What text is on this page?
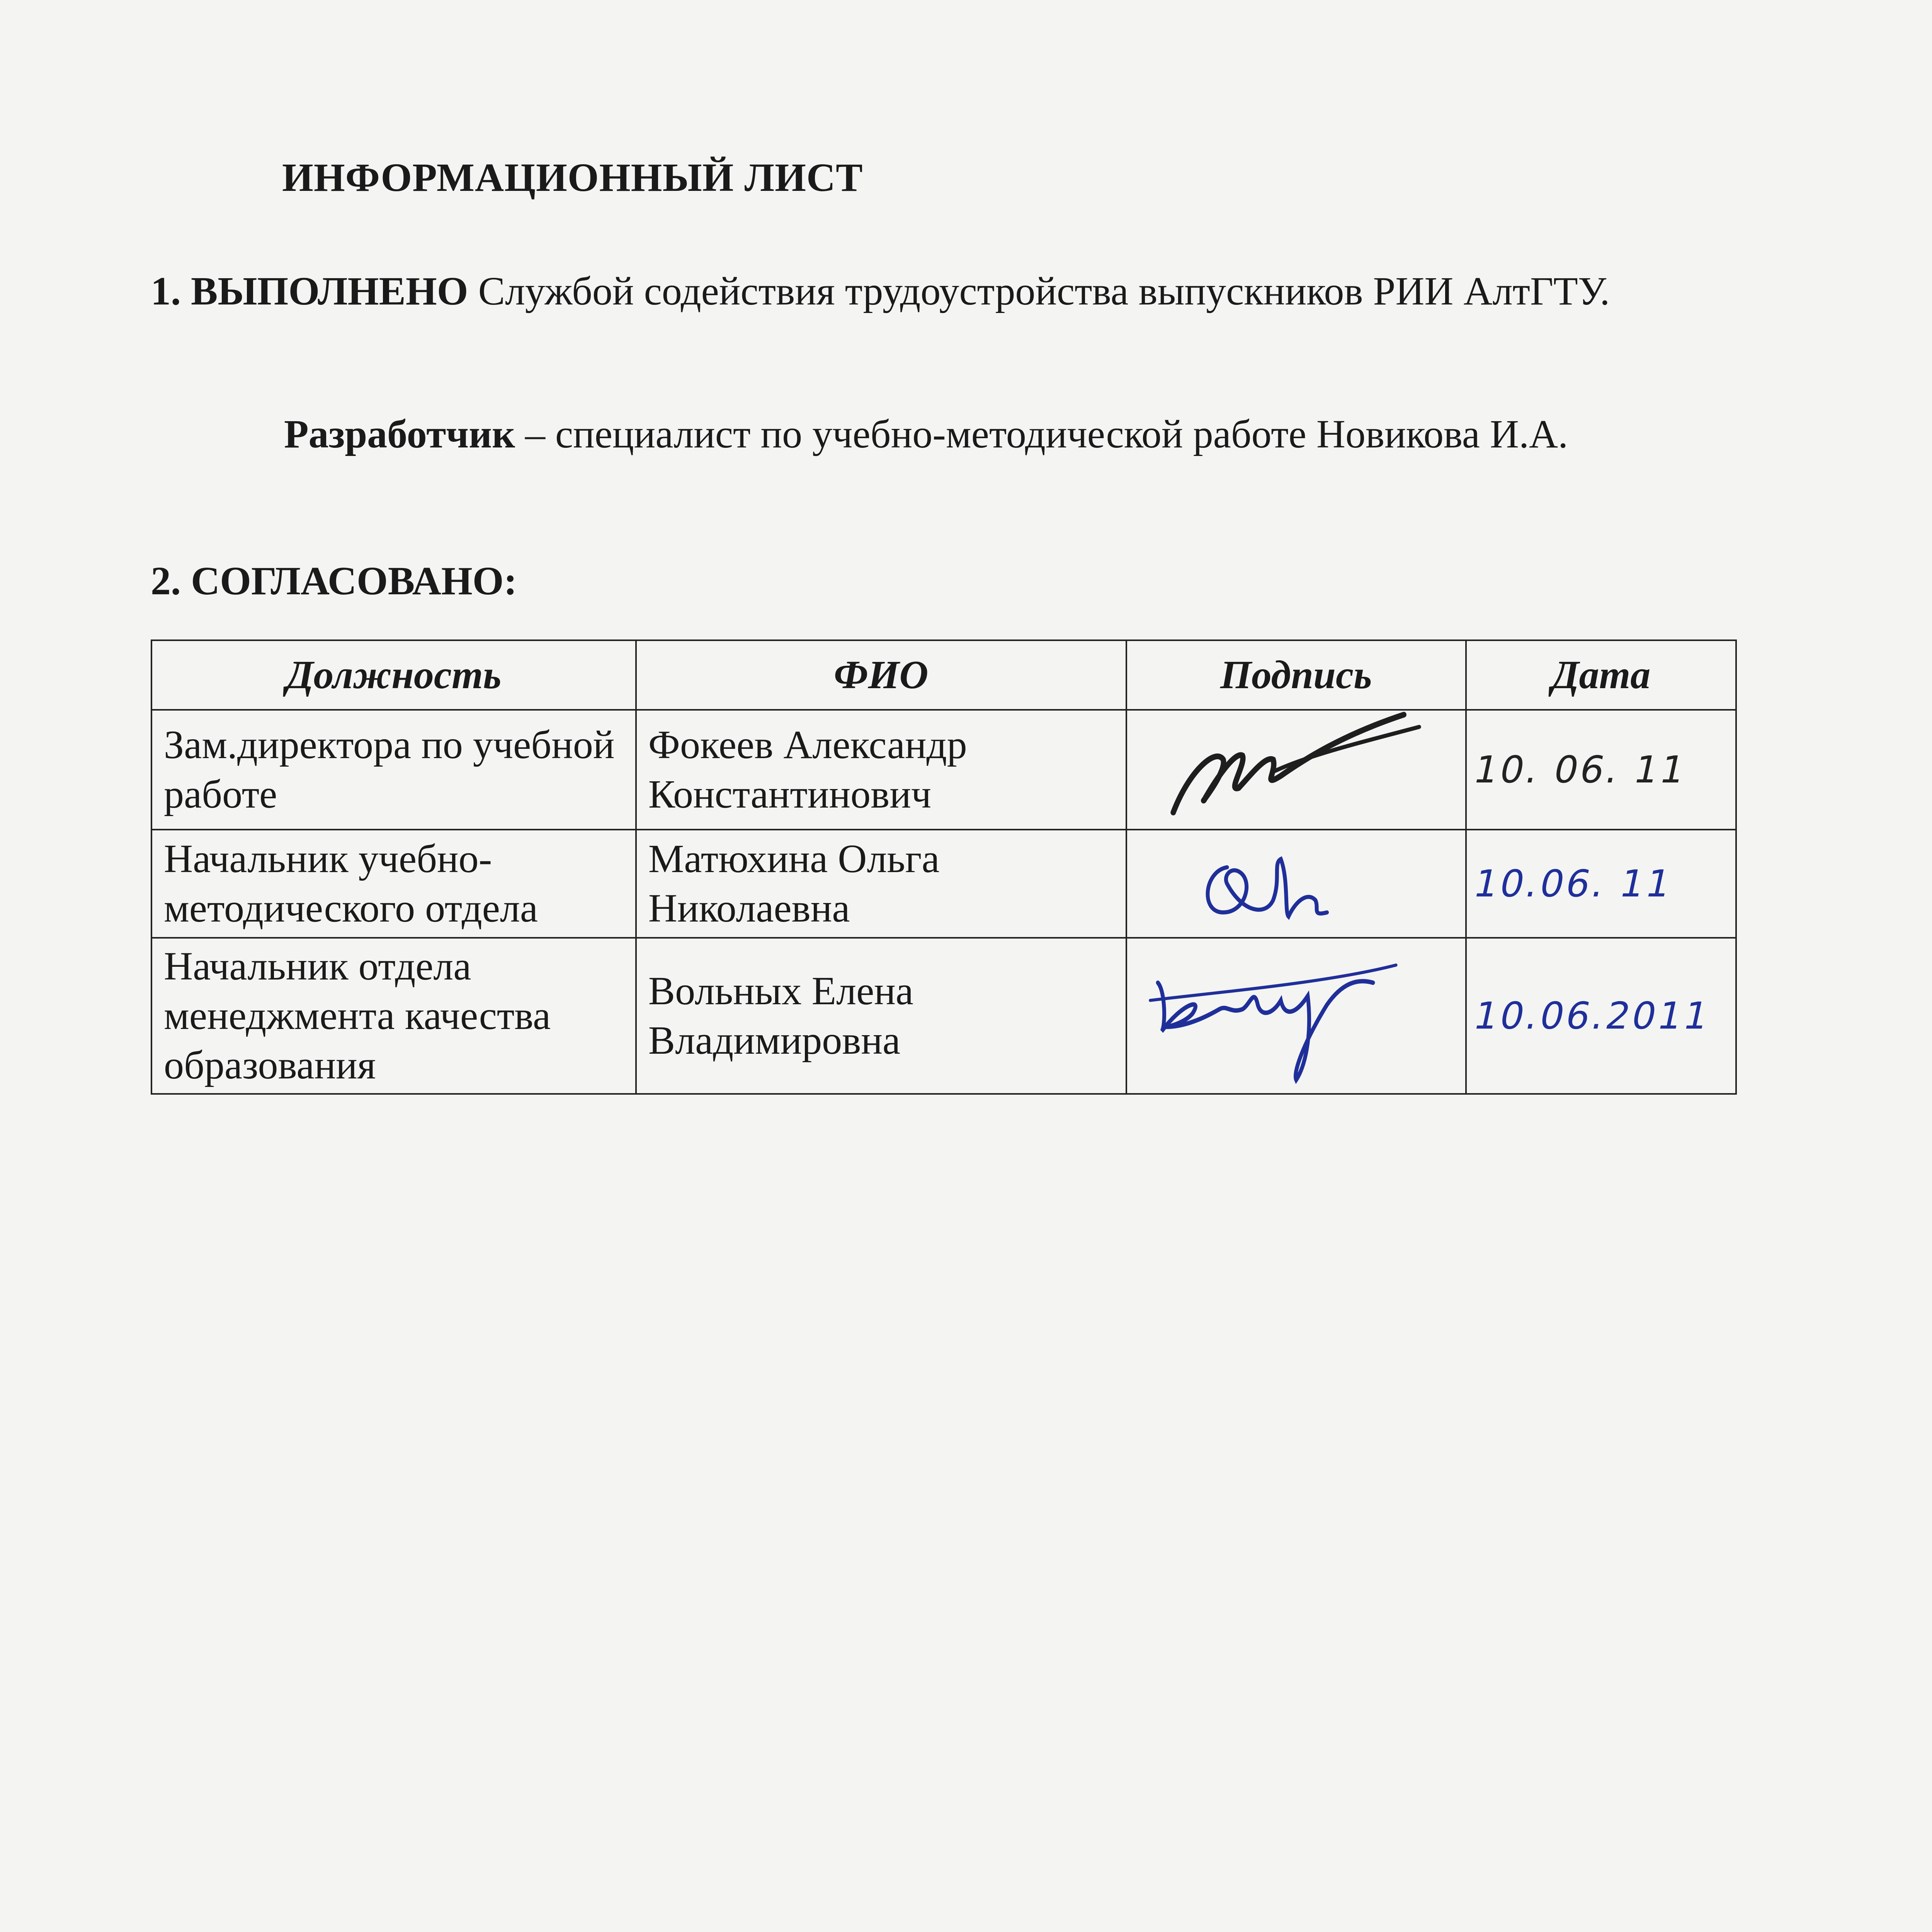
ИНФОРМАЦИОННЫЙ ЛИСТ
1. ВЫПОЛНЕНО Службой содействия трудоустройства выпускников РИИ АлтГТУ.
Разработчик – специалист по учебно-методической работе Новикова И.А.
2. СОГЛАСОВАНО:
Должность	ФИО	Подпись	Дата
Зам.директора по учебной работе	Фокеев Александр Константинович		10. 06. 11

Начальник учебно-методического отдела	Матюхина Ольга Николаевна		10.06. 11

Начальник отдела менеджмента качества образования	Вольных Елена Владимировна		10.06.2011
